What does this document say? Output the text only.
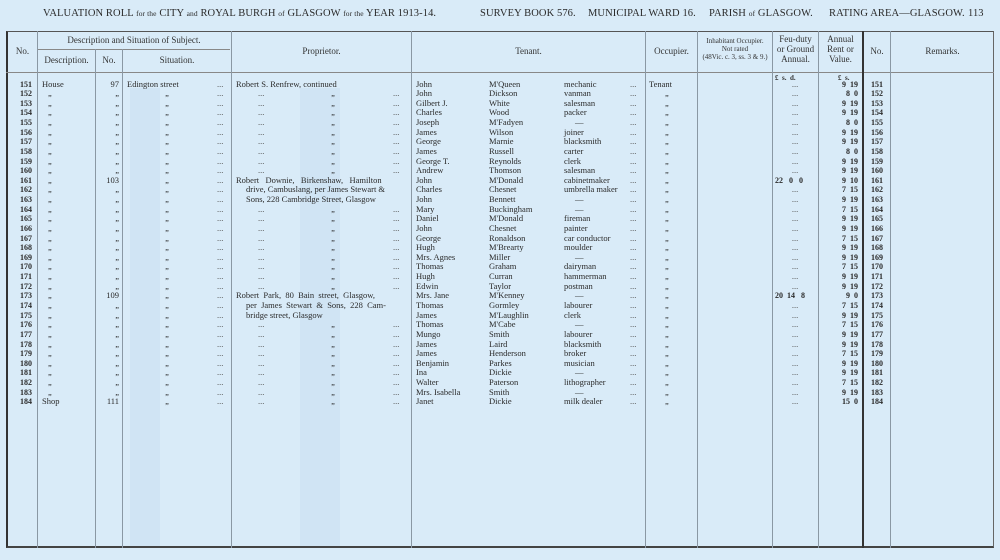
VALUATION ROLL for the CITY and ROYAL BURGH of GLASGOW for the YEAR 1913-14.	SURVEY BOOK 576. MUNICIPAL WARD 16. PARISH of GLASGOW. RATING AREA—GLASGOW. 113
No.
Description and Situation of Subject.
Description.	No.	Situation.
Proprietor.	Tenant.	Occupier.
Inhabitant Occupier.
Not rated
(48Vic. c. 3, ss. 3 & 9.)
Feu-duty
or Ground
Annual.
Annual
Rent or
Value.
No.	Remarks.
£  s.  d.	£  s.
151 House	97 Edington street	...	Robert S. Renfrew, continued	John	M'Queen	mechanic	...	Tenant	...	9  19	151
152 „	„	„	...	...	„	...	John	Dickson	vanman	...	„	...	8  0	152
153 „	„	„	...	...	„	...	Gilbert J.	White	salesman	...	„	...	9  19	153
154 „	„	„	...	...	„	...	Charles	Wood	packer	...	„	...	9  19	154
155 „	„	„	...	...	„	...	Joseph	M'Fadyen	—	...	„	...	8  0	155
156 „	„	„	...	...	„	...	James	Wilson	joiner	...	„	...	9  19	156
157 „	„	„	...	...	„	...	George	Marnie	blacksmith	...	„	...	9  19	157
158 „	„	„	...	...	„	...	James	Russell	carter	...	„	...	8  0	158
159 „	„	„	...	...	„	...	George T.	Reynolds	clerk	...	„	...	9  19	159
160 „	„	„	...	...	„	...	Andrew	Thomson	salesman	...	„	...	9  19	160
161 „	103	„	...	Robert   Downie,   Birkenshaw,   Hamilton	John	M'Donald	cabinetmaker	...	„	22   0   0	9  10	161
162 „	„	„	...	drive, Cambuslang, per James Stewart &	Charles	Chesnet	umbrella maker	...	„	...	7  15	162
163 „	„	„	...	Sons, 228 Cambridge Street, Glasgow	John	Bennett	—	...	„	...	9  19	163
164 „	„	„	...	...	„	...	Mary	Buckingham	—	...	„	...	7  15	164
165 „	„	„	...	...	„	...	Daniel	M'Donald	fireman	...	„	...	9  19	165
166 „	„	„	...	...	„	...	John	Chesnet	painter	...	„	...	9  19	166
167 „	„	„	...	...	„	...	George	Ronaldson	car conductor	...	„	...	7  15	167
168 „	„	„	...	...	„	...	Hugh	M'Brearty	moulder	...	„	...	9  19	168
169 „	„	„	...	...	„	...	Mrs. Agnes	Miller	—	...	„	...	9  19	169
170 „	„	„	...	...	„	...	Thomas	Graham	dairyman	...	„	...	7  15	170
171 „	„	„	...	...	„	...	Hugh	Curran	hammerman	...	„	...	9  19	171
172 „	„	„	...	...	„	...	Edwin	Taylor	postman	...	„	...	9  19	172
173 „	109	„	...	Robert  Park,  80  Bain  street,  Glasgow,	Mrs. Jane	M'Kenney	—	...	„	20  14   8	9  0	173
174 „	„	„	...	per  James  Stewart  &  Sons,  228  Cam-	Thomas	Gormley	labourer	...	„	...	7  15	174
175 „	„	„	...	bridge street, Glasgow	James	M'Laughlin	clerk	...	„	...	9  19	175
176 „	„	„	...	...	„	...	Thomas	M'Cabe	—	...	„	...	7  15	176
177 „	„	„	...	...	„	...	Mungo	Smith	labourer	...	„	...	9  19	177
178 „	„	„	...	...	„	...	James	Laird	blacksmith	...	„	...	9  19	178
179 „	„	„	...	...	„	...	James	Henderson	broker	...	„	...	7  15	179
180 „	„	„	...	...	„	...	Benjamin	Parkes	musician	...	„	...	9  19	180
181 „	„	„	...	...	„	...	Ina	Dickie	—	...	„	...	9  19	181
182 „	„	„	...	...	„	...	Walter	Paterson	lithographer	...	„	...	7  15	182
183 „	„	„	...	...	„	...	Mrs. Isabella	Smith	—	...	„	...	9  19	183
184 Shop	111	„	...	...	„	...	Janet	Dickie	milk dealer	...	„	...	15  0	184
